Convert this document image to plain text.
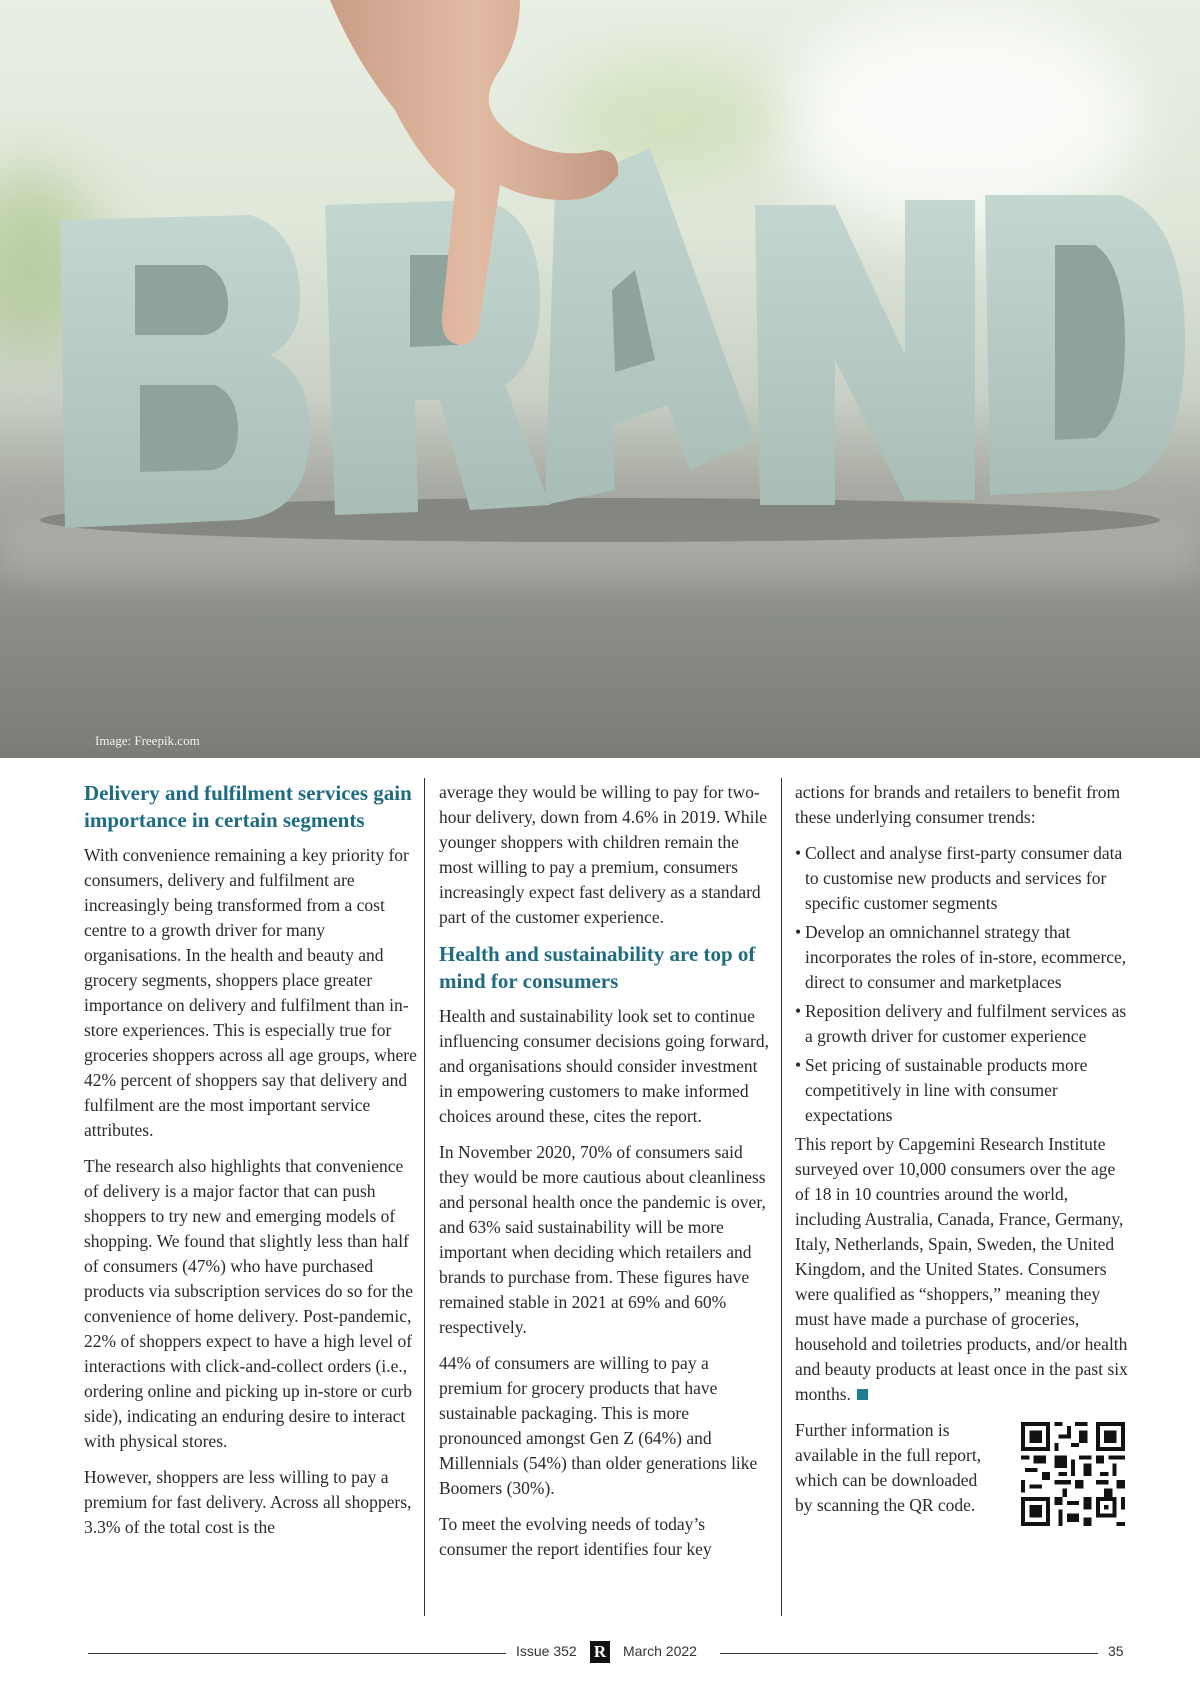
Image: Freepik.com
Delivery and fulfilment services gain importance in certain segments

With convenience remaining a key priority for consumers, delivery and fulfilment are increasingly being transformed from a cost centre to a growth driver for many organisations. In the health and beauty and grocery segments, shoppers place greater importance on delivery and fulfilment than in-store experiences. This is especially true for groceries shoppers across all age groups, where 42% percent of shoppers say that delivery and fulfilment are the most important service attributes.

The research also highlights that convenience of delivery is a major factor that can push shoppers to try new and emerging models of shopping. We found that slightly less than half of consumers (47%) who have purchased products via subscription services do so for the convenience of home delivery. Post-pandemic, 22% of shoppers expect to have a high level of interactions with click-and-collect orders (i.e., ordering online and picking up in-store or curb side), indicating an enduring desire to interact with physical stores.

However, shoppers are less willing to pay a premium for fast delivery. Across all shoppers, 3.3% of the total cost is the

average they would be willing to pay for two-hour delivery, down from 4.6% in 2019. While younger shoppers with children remain the most willing to pay a premium, consumers increasingly expect fast delivery as a standard part of the customer experience.

Health and sustainability are top of mind for consumers

Health and sustainability look set to continue influencing consumer decisions going forward, and organisations should consider investment in empowering customers to make informed choices around these, cites the report.

In November 2020, 70% of consumers said they would be more cautious about cleanliness and personal health once the pandemic is over, and 63% said sustainability will be more important when deciding which retailers and brands to purchase from. These figures have remained stable in 2021 at 69% and 60% respectively.

44% of consumers are willing to pay a premium for grocery products that have sustainable packaging. This is more pronounced amongst Gen Z (64%) and Millennials (54%) than older generations like Boomers (30%).

To meet the evolving needs of today’s consumer the report identifies four key

actions for brands and retailers to benefit from these underlying consumer trends:

• Collect and analyse first-party consumer data to customise new products and services for specific customer segments
• Develop an omnichannel strategy that incorporates the roles of in-store, ecommerce, direct to consumer and marketplaces
• Reposition delivery and fulfilment services as a growth driver for customer experience
• Set pricing of sustainable products more competitively in line with consumer expectations

This report by Capgemini Research Institute surveyed over 10,000 consumers over the age of 18 in 10 countries around the world, including Australia, Canada, France, Germany, Italy, Netherlands, Spain, Sweden, the United Kingdom, and the United States. Consumers were qualified as “shoppers,” meaning they must have made a purchase of groceries, household and toiletries products, and/or health and beauty products at least once in the past six months.

Further information is available in the full report, which can be downloaded by scanning the QR code.

Issue 352 R March 2022	35
